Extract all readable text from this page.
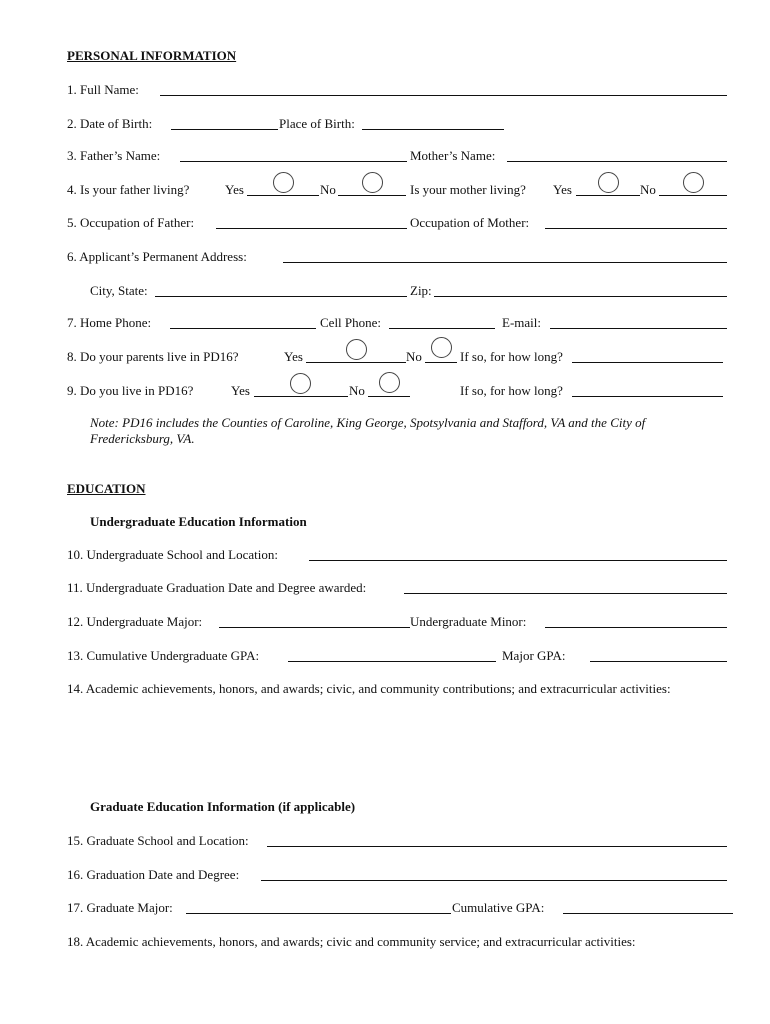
PERSONAL INFORMATION
1. Full Name:
2. Date of Birth:	Place of Birth:
3. Father’s Name:	Mother’s Name:
4. Is your father living?	Yes	No	Is your mother living? Yes	No
5. Occupation of Father:	Occupation of Mother:
6. Applicant’s Permanent Address:
City, State:	Zip:
7. Home Phone:	Cell Phone:	E-mail:
8. Do your parents live in PD16?	Yes	No	If so, for how long?
9. Do you live in PD16?	Yes	No	If so, for how long?
Note: PD16 includes the Counties of Caroline, King George, Spotsylvania and Stafford, VA and the City of Fredericksburg, VA.
EDUCATION
Undergraduate Education Information
10. Undergraduate School and Location:
11. Undergraduate Graduation Date and Degree awarded:
12. Undergraduate Major:	Undergraduate Minor:
13. Cumulative Undergraduate GPA:	Major GPA:
14. Academic achievements, honors, and awards; civic, and community contributions; and extracurricular activities:
Graduate Education Information (if applicable)
15. Graduate School and Location:
16. Graduation Date and Degree:
17. Graduate Major:	Cumulative GPA:
18. Academic achievements, honors, and awards; civic and community service; and extracurricular activities:
